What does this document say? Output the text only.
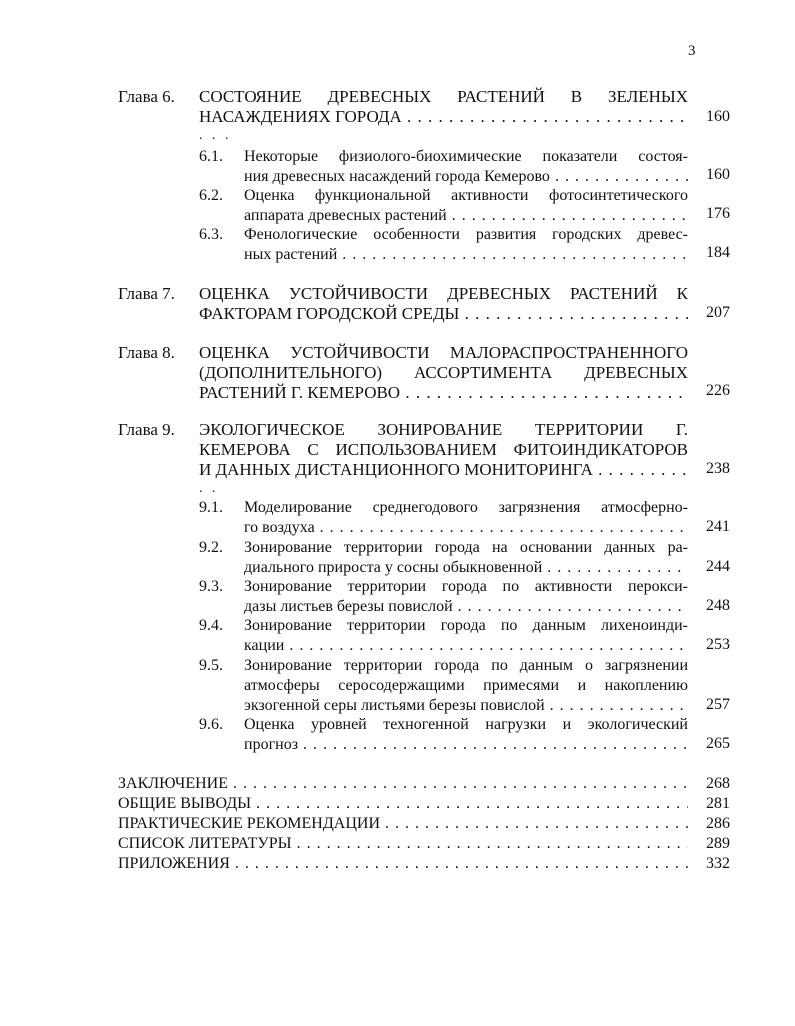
3
Глава 6. СОСТОЯНИЕ ДРЕВЕСНЫХ РАСТЕНИЙ В ЗЕЛЕНЫХ
НАСАЖДЕНИЯХ ГОРОДА . . .	160
. . .
6.1. Некоторые физиолого-биохимические показатели состоя-
ния древесных насаждений города Кемерово . . .	160
6.2. Оценка функциональной активности фотосинтетического
аппарата древесных растений . . .	176
6.3. Фенологические особенности развития городских древес-
ных растений . . .	184
Глава 7. ОЦЕНКА УСТОЙЧИВОСТИ ДРЕВЕСНЫХ РАСТЕНИЙ К
ФАКТОРАМ ГОРОДСКОЙ СРЕДЫ . . .	207
Глава 8. ОЦЕНКА УСТОЙЧИВОСТИ МАЛОРАСПРОСТРАНЕННОГО
(ДОПОЛНИТЕЛЬНОГО) АССОРТИМЕНТА ДРЕВЕСНЫХ
РАСТЕНИЙ Г. КЕМЕРОВО . . .	226
Глава 9. ЭКОЛОГИЧЕСКОЕ ЗОНИРОВАНИЕ ТЕРРИТОРИИ Г.
КЕМЕРОВА С ИСПОЛЬЗОВАНИЕМ ФИТОИНДИКАТОРОВ
И ДАННЫХ ДИСТАНЦИОННОГО МОНИТОРИНГА . . .	238
. .
9.1. Моделирование среднегодового загрязнения атмосферно-
го воздуха . . .	241
9.2. Зонирование территории города на основании данных ра-
диального прироста у сосны обыкновенной . . .	244
9.3. Зонирование территории города по активности перокси-
дазы листьев березы повислой . . .	248
9.4. Зонирование территории города по данным лихеноинди-
кации . . .	253
9.5. Зонирование территории города по данным о загрязнении
атмосферы серосодержащими примесями и накоплению
экзогенной серы листьями березы повислой . . .	257
9.6. Оценка уровней техногенной нагрузки и экологический
прогноз . . .	265
ЗАКЛЮЧЕНИЕ . . .	268
ОБЩИЕ ВЫВОДЫ . . .	281
ПРАКТИЧЕСКИЕ РЕКОМЕНДАЦИИ . . .	286
СПИСОК ЛИТЕРАТУРЫ . . .	289
ПРИЛОЖЕНИЯ . . .	332
